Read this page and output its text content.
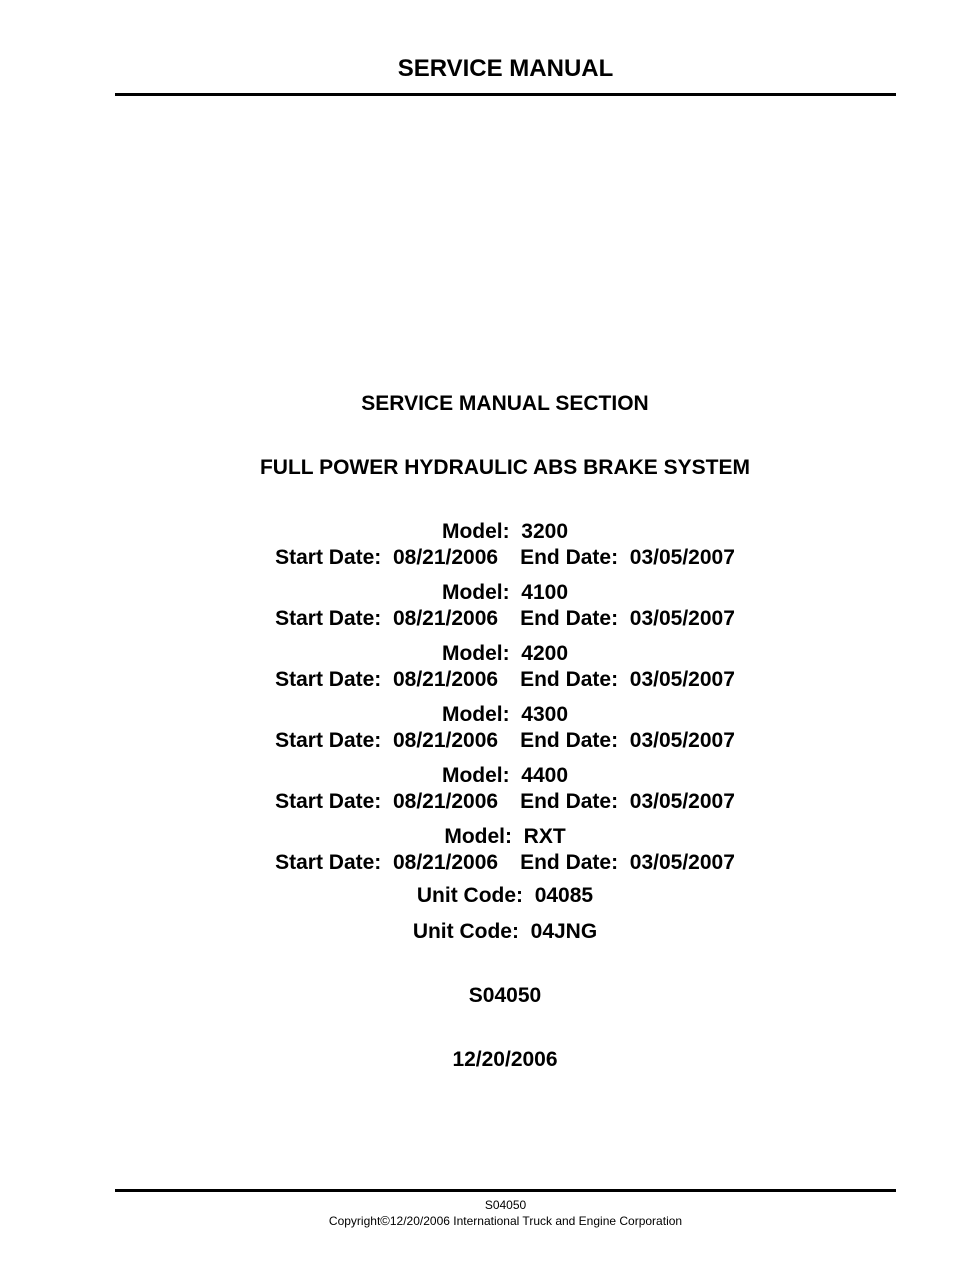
SERVICE MANUAL
SERVICE MANUAL SECTION
FULL POWER HYDRAULIC ABS BRAKE SYSTEM
Model: 3200
Start Date: 08/21/2006 End Date: 03/05/2007
Model: 4100
Start Date: 08/21/2006 End Date: 03/05/2007
Model: 4200
Start Date: 08/21/2006 End Date: 03/05/2007
Model: 4300
Start Date: 08/21/2006 End Date: 03/05/2007
Model: 4400
Start Date: 08/21/2006 End Date: 03/05/2007
Model: RXT
Start Date: 08/21/2006 End Date: 03/05/2007
Unit Code: 04085
Unit Code: 04JNG
S04050
12/20/2006
S04050
Copyright©12/20/2006 International Truck and Engine Corporation
